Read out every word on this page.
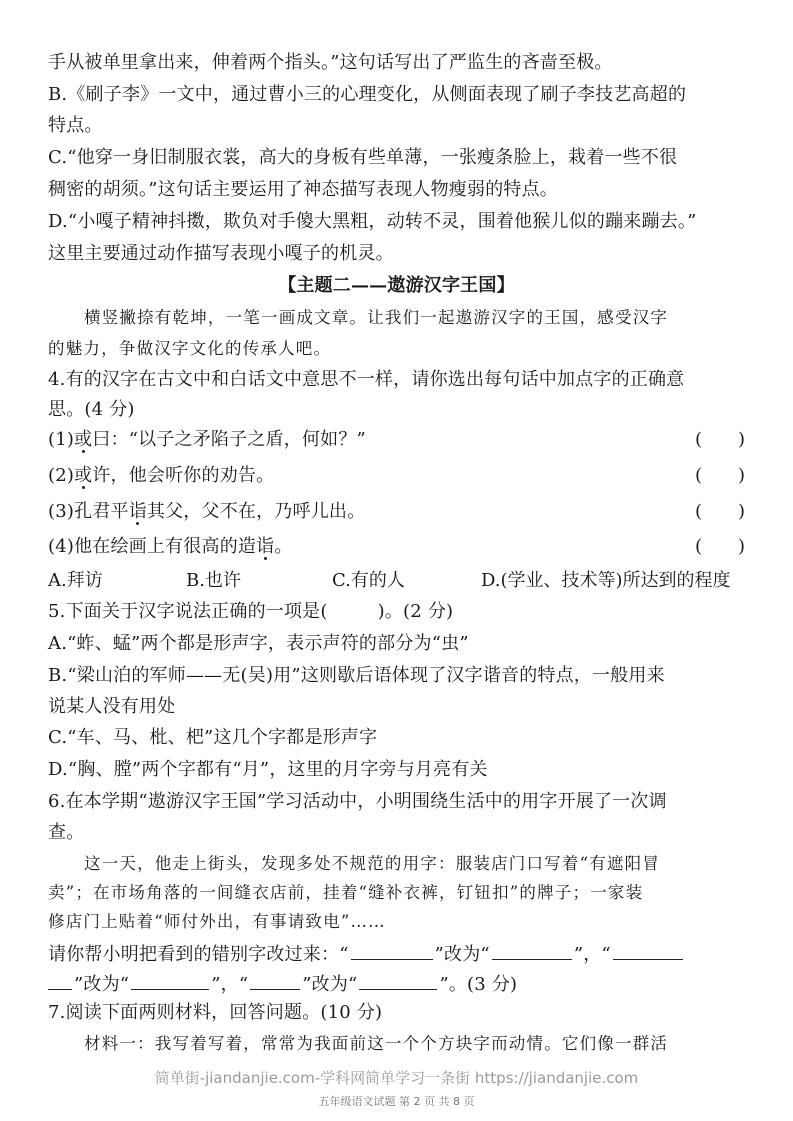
手从被单里拿出来，伸着两个指头。”这句话写出了严监生的吝啬至极。
B.《刷子李》一文中，通过曹小三的心理变化，从侧面表现了刷子李技艺高超的
特点。
C.“他穿一身旧制服衣裳，高大的身板有些单薄，一张瘦条脸上，栽着一些不很
稠密的胡须。”这句话主要运用了神态描写表现人物瘦弱的特点。
D.“小嘎子精神抖擞，欺负对手傻大黑粗，动转不灵，围着他猴儿似的蹦来蹦去。”
这里主要通过动作描写表现小嘎子的机灵。
【主题二——遨游汉字王国】
横竖撇捺有乾坤，一笔一画成文章。让我们一起遨游汉字的王国，感受汉字
的魅力，争做汉字文化的传承人吧。
4.有的汉字在古文中和白话文中意思不一样，请你选出每句话中加点字的正确意
思。(4 分)
(1)或曰：“以子之矛陷子之盾，何如？”	(　　)
(2)或许，他会听你的劝告。	(　　)
(3)孔君平诣其父，父不在，乃呼儿出。	(　　)
(4)他在绘画上有很高的造诣。	(　　)
A.拜访	B.也许	C.有的人	D.(学业、技术等)所达到的程度
5.下面关于汉字说法正确的一项是(	)。(2 分)
A.“蚱、蜢”两个都是形声字，表示声符的部分为“虫”
B.“梁山泊的军师——无(吴)用”这则歇后语体现了汉字谐音的特点，一般用来
说某人没有用处
C.“车、马、枇、杷”这几个字都是形声字
D.“胸、膛”两个字都有“月”，这里的月字旁与月亮有关
6.在本学期“遨游汉字王国”学习活动中，小明围绕生活中的用字开展了一次调
查。
这一天，他走上街头，发现多处不规范的用字：服装店门口写着“有遮阳冒
卖”；在市场角落的一间缝衣店前，挂着“缝补衣裤，钉钮扣”的牌子；一家装
修店门上贴着“师付外出，有事请致电”……
请你帮小明把看到的错别字改过来：“	”改为“	”，“
”改为“	”，“	”改为“	”。(3 分)
7.阅读下面两则材料，回答问题。(10 分)
材料一：我写着写着，常常为我面前这一个个方块字而动情。它们像一群活
简单街-jiandanjie.com-学科网简单学习一条街 https://jiandanjie.com
五年级语文试题 第 2 页 共 8 页
